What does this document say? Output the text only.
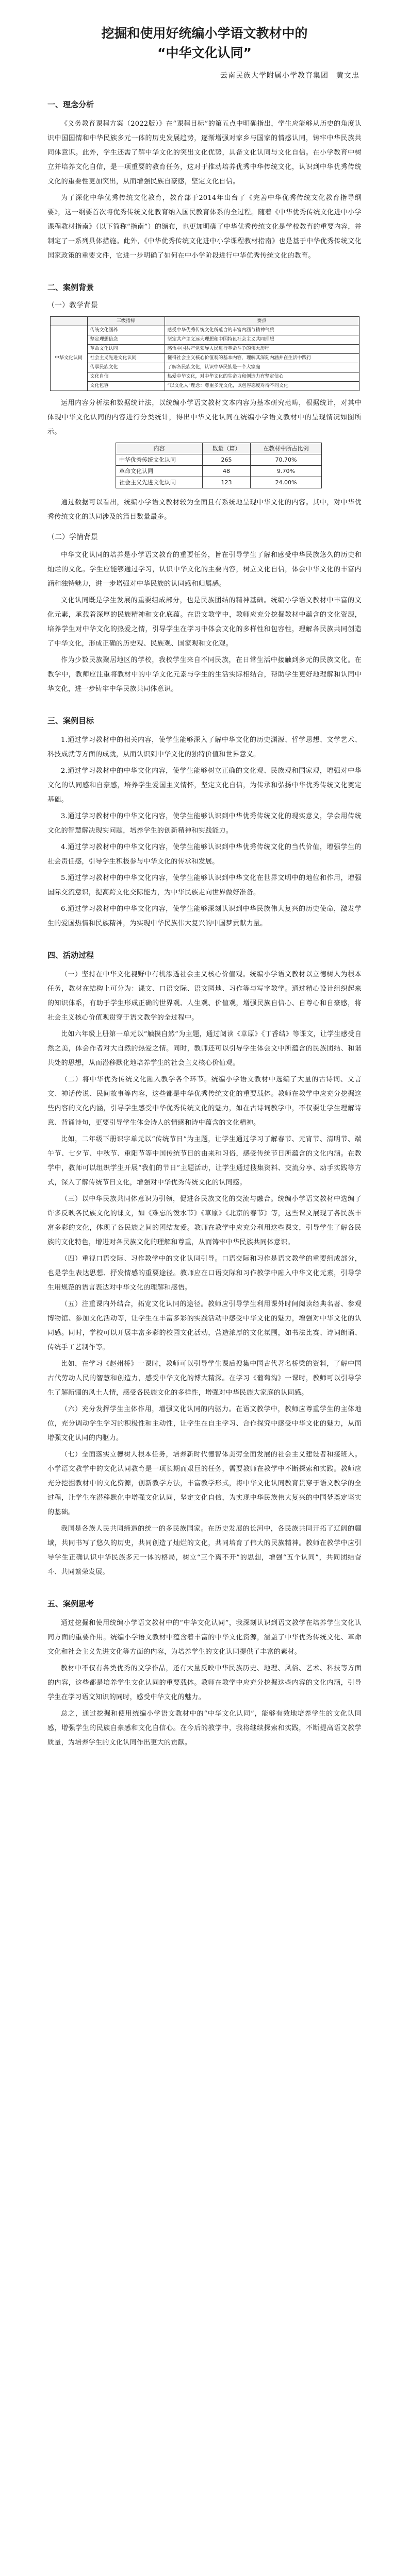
挖掘和使用好统编小学语文教材中的
“中华文化认同”
云南民族大学附属小学教育集团　黄文忠
一、理念分析

《义务教育课程方案（2022版）》在“课程目标”的第五点中明确指出，学生应能够从历史的角度认识中国国情和中华民族多元一体的历史发展趋势，逐渐增强对家乡与国家的情感认同，铸牢中华民族共同体意识。此外，学生还需了解中华文化的突出文化优势，具备文化认同与文化自信。在小学教育中树立并培养文化自信，是一项重要的教育任务，这对于推动培养优秀中华传统文化，认识到中华优秀传统文化的重要性更加突出，从而增强民族自豪感，坚定文化自信。

为了深化中华优秀传统文化教育，教育部于2014年出台了《完善中华优秀传统文化教育指导纲要》，这一纲要首次将优秀传统文化教育纳入国民教育体系的全过程。随着《中华优秀传统文化进中小学课程教材指南》（以下简称“指南”）的颁布，也更加明确了中华优秀传统文化是学校教育的重要内容，并制定了一系列具体措施。此外，《中华优秀传统文化进中小学课程教材指南》也是基于中华优秀传统文化国家政策的重要文件，它进一步明确了如何在中小学阶段进行中华优秀传统文化的教育。

二、案例背景
（一）教学背景
	三级指标	要点
中华文化认同	传统文化涵养	感受中华优秀传统文化所蕴含的丰富内涵与精神气质
	坚定理想信念	坚定共产主义远大理想和中国特色社会主义共同理想
	革命文化认同	感悟中国共产党领导人民进行革命斗争的伟大历程
	社会主义先进文化认同	懂得社会主义核心价值观的基本内容，理解其深刻内涵并在生活中践行
	传承民族文化	了解各民族文化，认识中华民族是一个大家庭
	文化自信	热爱中华文化，对中华文化的生命力和创造力有坚定信心
	文化包容	“以文化人”理念：尊重多元文化，以包容态度对待不同文化

运用内容分析法和数据统计法，以统编小学语文教材文本内容为基本研究范畴，根据统计，对其中体现中华文化认同的内容进行分类统计，得出中华文化认同在统编小学语文教材中的呈现情况如图所示。

内容	数量（篇）	在教材中所占比例
中华优秀传统文化认同	265	70.70%
革命文化认同	48	9.70%
社会主义先进文化认同	123	24.00%

通过数据可以看出，统编小学语文教材较为全面且有系统地呈现中华文化的内容。其中，对中华优秀传统文化的认同涉及的篇目数量最多。

（二）学情背景

中华文化认同的培养是小学语文教育的重要任务，旨在引导学生了解和感受中华民族悠久的历史和灿烂的文化。学生应能够通过学习，认识中华文化的主要内容，树立文化自信，体会中华文化的丰富内涵和独特魅力，进一步增强对中华民族的认同感和归属感。

文化认同既是学生发展的重要组成部分，也是民族团结的精神基础。统编小学语文教材中丰富的文化元素，承载着深厚的民族精神和文化底蕴。在语文教学中，教师应充分挖掘教材中蕴含的文化资源，培养学生对中华文化的热爱之情，引导学生在学习中体会文化的多样性和包容性，理解各民族共同创造了中华文化，形成正确的历史观、民族观、国家观和文化观。

作为少数民族聚居地区的学校，我校学生来自不同民族，在日常生活中接触到多元的民族文化。在教学中，教师应注重将教材中的中华文化元素与学生的生活实际相结合，帮助学生更好地理解和认同中华文化，进一步铸牢中华民族共同体意识。

三、案例目标

1.通过学习教材中的相关内容，使学生能够深入了解中华文化的历史渊源、哲学思想、文学艺术、科技成就等方面的成就，从而认识到中华文化的独特价值和世界意义。

2.通过学习教材中的中华文化内容，使学生能够树立正确的文化观、民族观和国家观，增强对中华文化的认同感和自豪感，培养学生爱国主义情怀，坚定文化自信，为传承和弘扬中华优秀传统文化奠定基础。

3.通过学习教材中的中华文化内容，使学生能够认识到中华优秀传统文化的现实意义，学会用传统文化的智慧解决现实问题，培养学生的创新精神和实践能力。

4.通过学习教材中的中华文化内容，使学生能够认识到中华优秀传统文化的当代价值，增强学生的社会责任感，引导学生积极参与中华文化的传承和发展。

5.通过学习教材中的中华文化内容，使学生能够认识到中华文化在世界文明中的地位和作用，增强国际交流意识，提高跨文化交际能力，为中华民族走向世界做好准备。

6.通过学习教材中的中华文化内容，使学生能够深刻认识到中华民族伟大复兴的历史使命，激发学生的爱国热情和民族精神，为实现中华民族伟大复兴的中国梦贡献力量。

四、活动过程

（一）坚持在中华文化视野中有机渗透社会主义核心价值观。统编小学语文教材以立德树人为根本任务，教材在结构上可分为：课文、口语交际、语文园地、习作等与写字教学。通过精心设计组织起来的知识体系，有助于学生形成正确的世界观、人生观、价值观，增强民族自信心、自尊心和自豪感，将社会主义核心价值观贯穿于语文教学的全过程中。

比如六年级上册第一单元以“触摸自然”为主题，通过阅读《草原》《丁香结》等课文，让学生感受自然之美，体会作者对大自然的热爱之情。同时，教师还可以引导学生体会文中所蕴含的民族团结、和谐共处的思想，从而潜移默化地培养学生的社会主义核心价值观。

（二）将中华优秀传统文化融入教学各个环节。统编小学语文教材中选编了大量的古诗词、文言文、神话传说、民间故事等内容，这些都是中华优秀传统文化的重要载体。教师在教学中应充分挖掘这些内容的文化内涵，引导学生感受中华优秀传统文化的魅力，如在古诗词教学中，不仅要让学生理解诗意、背诵诗句，更要引导学生体会诗人的情感和诗中蕴含的文化精神。

比如，二年级下册识字单元以“传统节日”为主题，让学生通过学习了解春节、元宵节、清明节、端午节、七夕节、中秋节、重阳节等中国传统节日的由来和习俗，感受传统节日所蕴含的文化内涵。在教学中，教师可以组织学生开展“我们的节日”主题活动，让学生通过搜集资料、交流分享、动手实践等方式，深入了解传统节日文化，增强对中华优秀传统文化的认同感。

（三）以中华民族共同体意识为引领，促进各民族文化的交流与融合。统编小学语文教材中选编了许多反映各民族文化的课文，如《难忘的泼水节》《草原》《北京的春节》等，这些课文展现了各民族丰富多彩的文化，体现了各民族之间的团结友爱。教师在教学中应充分利用这些课文，引导学生了解各民族的文化特色，增进对各民族文化的理解和尊重，从而铸牢中华民族共同体意识。

（四）重视口语交际、习作教学中的文化认同引导。口语交际和习作是语文教学的重要组成部分，也是学生表达思想、抒发情感的重要途径。教师应在口语交际和习作教学中融入中华文化元素，引导学生用规范的语言表达对中华文化的理解和感悟。

（五）注重课内外结合，拓宽文化认同的途径。教师应引导学生利用课外时间阅读经典名著、参观博物馆、参加文化活动等，让学生在丰富多彩的实践活动中感受中华文化的魅力，增强对中华文化的认同感。同时，学校可以开展丰富多彩的校园文化活动，营造浓厚的文化氛围，如书法比赛、诗词朗诵、传统手工艺制作等。

比如，在学习《赵州桥》一课时，教师可以引导学生课后搜集中国古代著名桥梁的资料，了解中国古代劳动人民的智慧和创造力，感受中华文化的博大精深。在学习《葡萄沟》一课时，教师可以引导学生了解新疆的风土人情，感受各民族文化的多样性，增强对中华民族大家庭的认同感。

（六）充分发挥学生主体作用，增强文化认同的内驱力。在语文教学中，教师应尊重学生的主体地位，充分调动学生学习的积极性和主动性，让学生在自主学习、合作探究中感受中华文化的魅力，从而增强文化认同的内驱力。

（七）全面落实立德树人根本任务，培养新时代德智体美劳全面发展的社会主义建设者和接班人。小学语文教学中的文化认同教育是一项长期而艰巨的任务，需要教师在教学中不断探索和实践。教师应充分挖掘教材中的文化资源，创新教学方法，丰富教学形式，将中华文化认同教育贯穿于语文教学的全过程，让学生在潜移默化中增强文化认同，坚定文化自信，为实现中华民族伟大复兴的中国梦奠定坚实的基础。

我国是各族人民共同缔造的统一的多民族国家。在历史发展的长河中，各民族共同开拓了辽阔的疆域，共同书写了悠久的历史，共同创造了灿烂的文化，共同培育了伟大的民族精神。教师在教学中应引导学生正确认识中华民族多元一体的格局，树立“三个离不开”的思想，增强“五个认同”，共同团结奋斗、共同繁荣发展。

五、案例思考

通过挖掘和使用统编小学语文教材中的“中华文化认同”，我深刻认识到语文教学在培养学生文化认同方面的重要作用。统编小学语文教材中蕴含着丰富的中华文化资源，涵盖了中华优秀传统文化、革命文化和社会主义先进文化等方面的内容，为培养学生的文化认同提供了丰富的素材。

教材中不仅有各类优秀的文学作品，还有大量反映中华民族历史、地理、风俗、艺术、科技等方面的内容，这些都是培养学生文化认同的重要载体。教师在教学中应充分挖掘这些内容的文化内涵，引导学生在学习语文知识的同时，感受中华文化的魅力。

总之，通过挖掘和使用统编小学语文教材中的“中华文化认同”，能够有效地培养学生的文化认同感，增强学生的民族自豪感和文化自信心。在今后的教学中，我将继续探索和实践，不断提高语文教学质量，为培养学生的文化认同作出更大的贡献。
